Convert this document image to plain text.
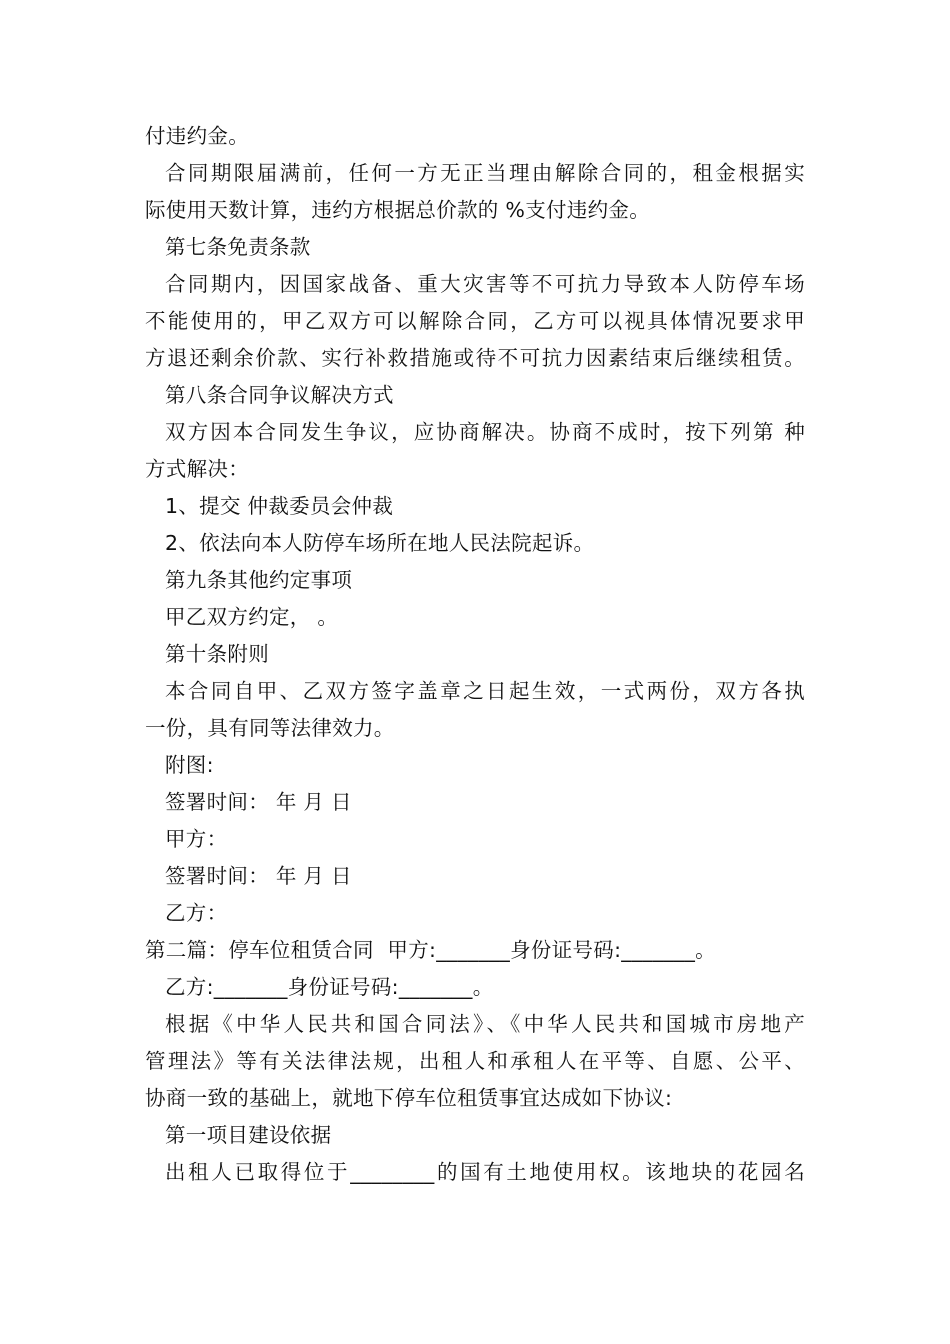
付违约金。
合同期限届满前，任何一方无正当理由解除合同的，租金根据实
际使用天数计算，违约方根据总价款的 %支付违约金。
第七条免责条款
合同期内，因国家战备、重大灾害等不可抗力导致本人防停车场
不能使用的，甲乙双方可以解除合同，乙方可以视具体情况要求甲
方退还剩余价款、实行补救措施或待不可抗力因素结束后继续租赁。
第八条合同争议解决方式
双方因本合同发生争议，应协商解决。协商不成时，按下列第 种
方式解决：
1、提交 仲裁委员会仲裁
2、依法向本人防停车场所在地人民法院起诉。
第九条其他约定事项
甲乙双方约定， 。
第十条附则
本合同自甲、乙双方签字盖章之日起生效，一式两份，双方各执
一份，具有同等法律效力。
附图:
签署时间： 年 月 日
甲方：
签署时间： 年 月 日
乙方：
第二篇：停车位租赁合同  甲方:_______身份证号码:_______。
乙方:_______身份证号码:_______。
根据《中华人民共和国合同法》、《中华人民共和国城市房地产
管理法》等有关法律法规，出租人和承租人在平等、自愿、公平、
协商一致的基础上，就地下停车位租赁事宜达成如下协议:
第一项目建设依据
出租人已取得位于________的国有土地使用权。该地块的花园名
